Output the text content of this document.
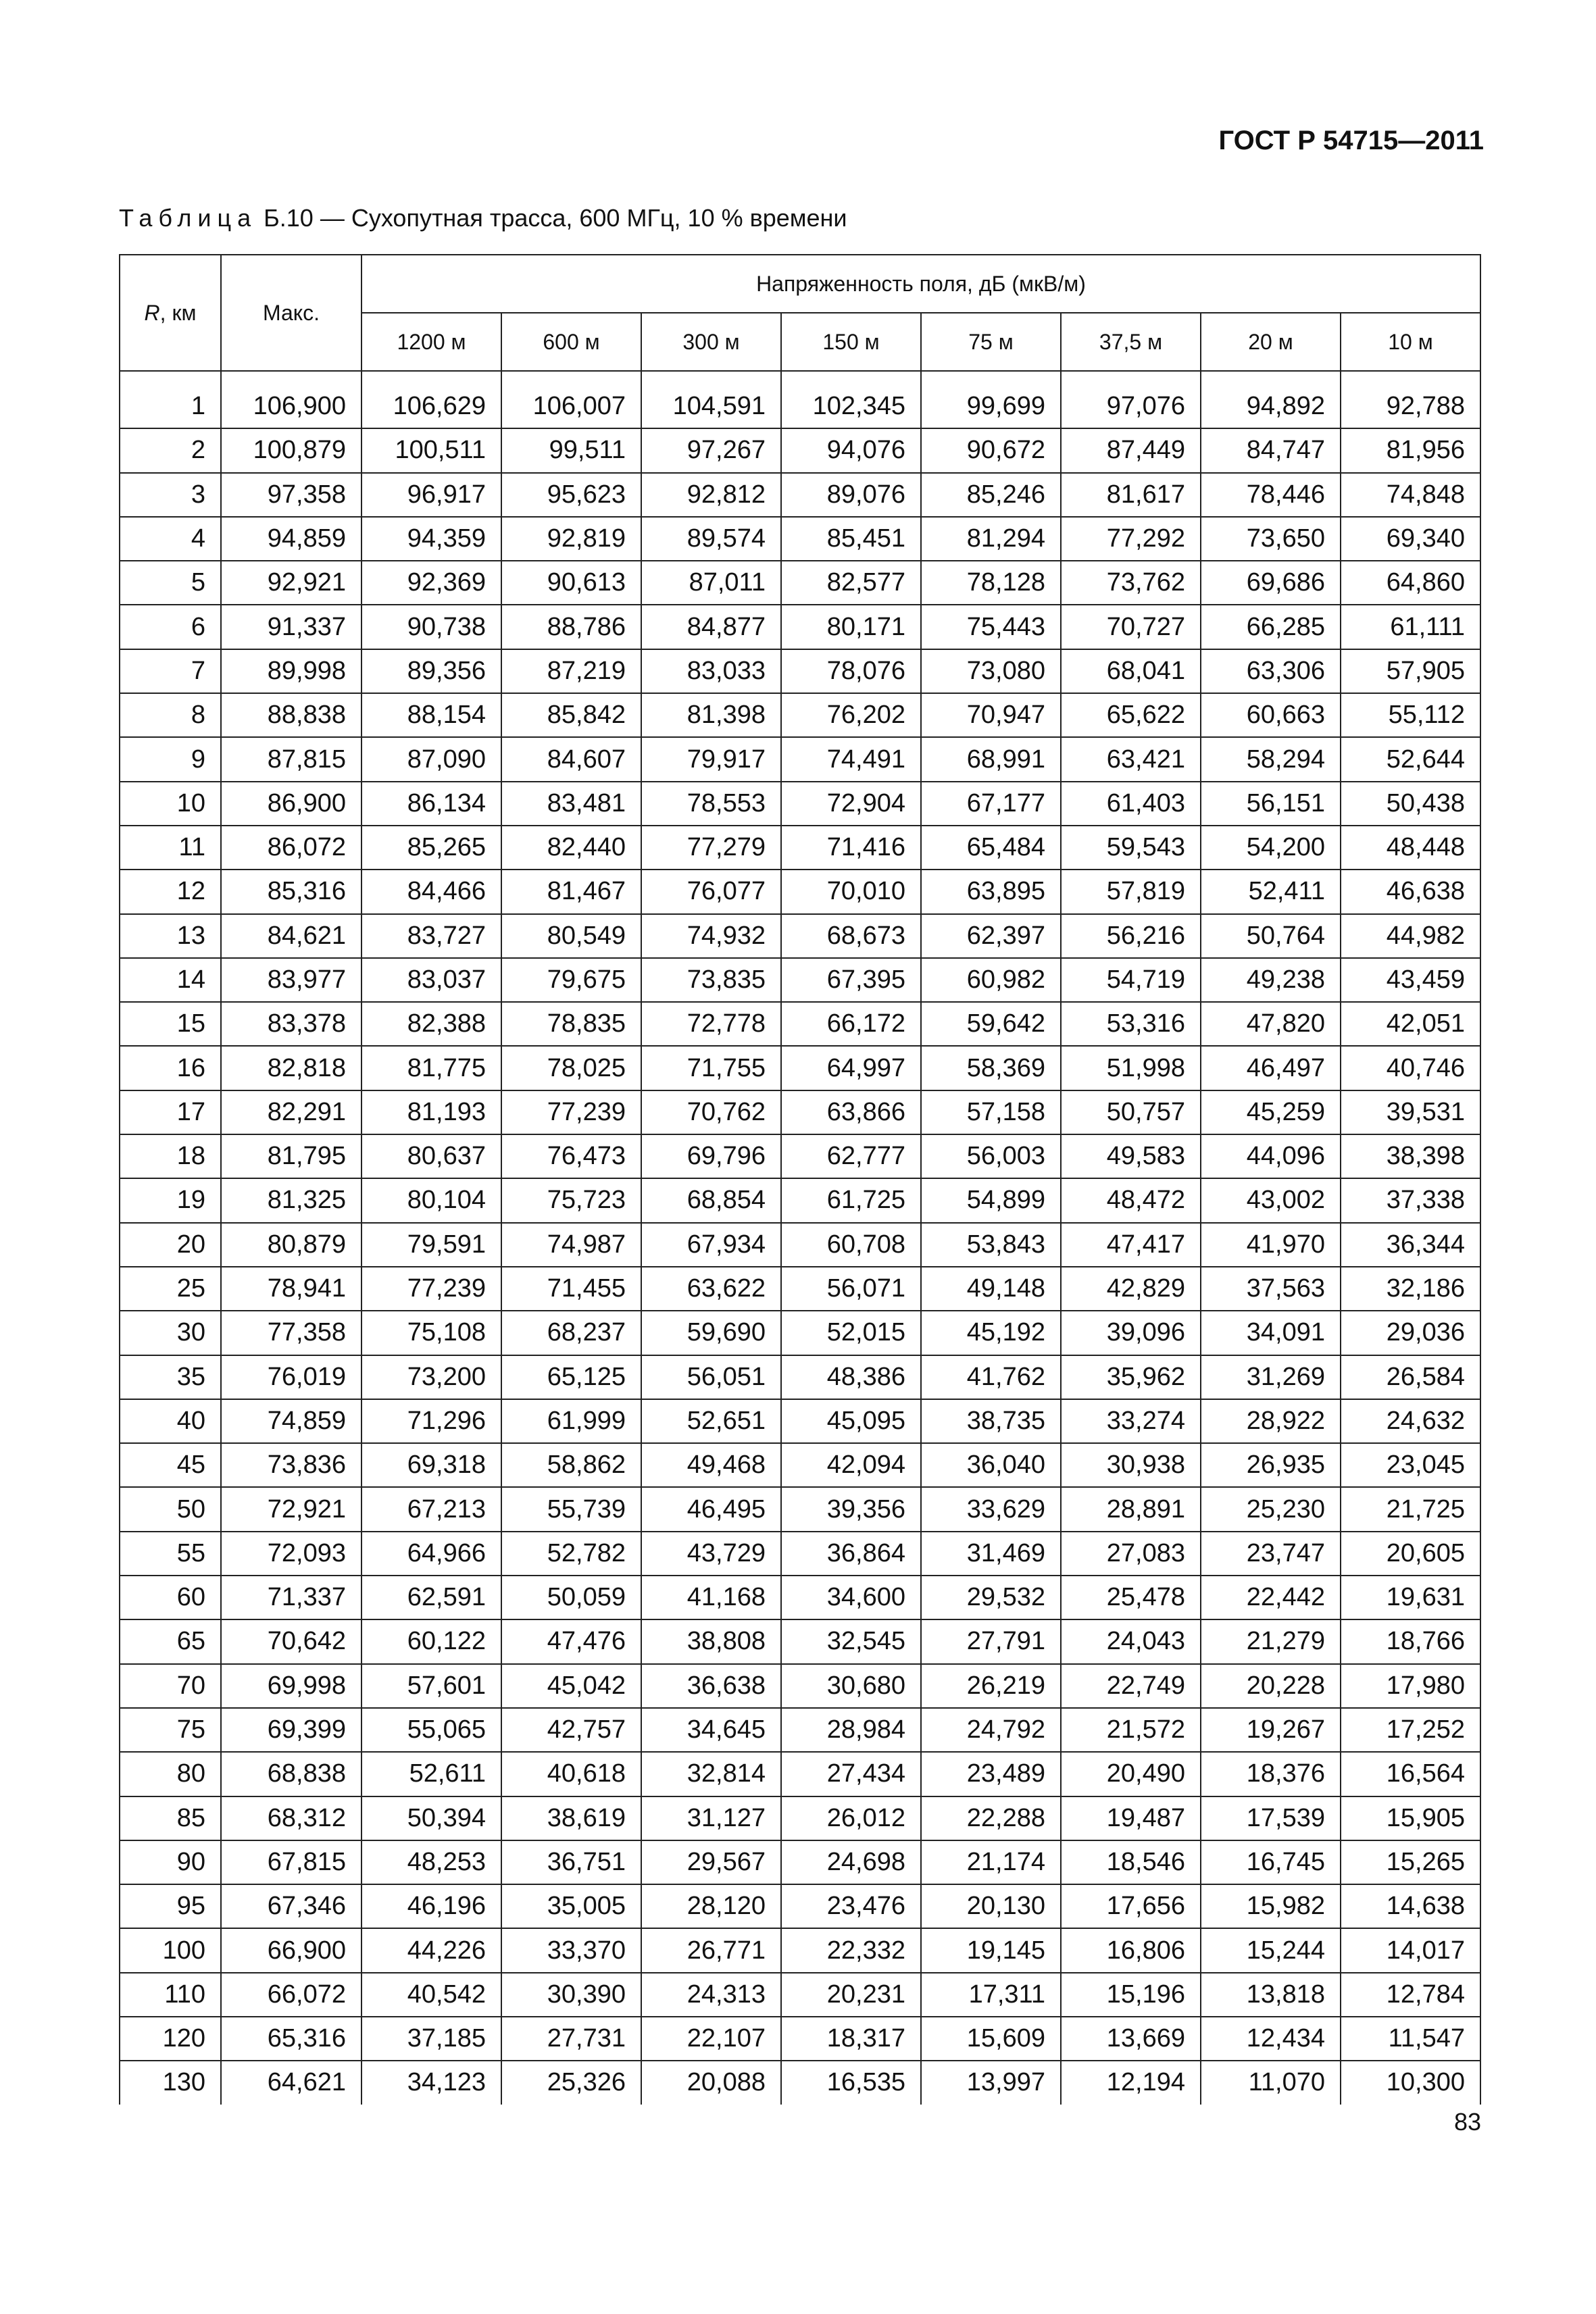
ГОСТ Р 54715—2011
Таблица Б.10 — Сухопутная трасса, 600 МГц, 10 % времени
R, км	Макс.	Напряженность поля, дБ (мкВ/м)							
		1200 м	600 м	300 м	150 м	75 м	37,5 м	20 м	10 м

1	106,900	106,629	106,007	104,591	102,345	99,699	97,076	94,892	92,788
2	100,879	100,511	99,511	97,267	94,076	90,672	87,449	84,747	81,956
3	97,358	96,917	95,623	92,812	89,076	85,246	81,617	78,446	74,848
4	94,859	94,359	92,819	89,574	85,451	81,294	77,292	73,650	69,340
5	92,921	92,369	90,613	87,011	82,577	78,128	73,762	69,686	64,860
6	91,337	90,738	88,786	84,877	80,171	75,443	70,727	66,285	61,111
7	89,998	89,356	87,219	83,033	78,076	73,080	68,041	63,306	57,905
8	88,838	88,154	85,842	81,398	76,202	70,947	65,622	60,663	55,112
9	87,815	87,090	84,607	79,917	74,491	68,991	63,421	58,294	52,644
10	86,900	86,134	83,481	78,553	72,904	67,177	61,403	56,151	50,438
11	86,072	85,265	82,440	77,279	71,416	65,484	59,543	54,200	48,448
12	85,316	84,466	81,467	76,077	70,010	63,895	57,819	52,411	46,638
13	84,621	83,727	80,549	74,932	68,673	62,397	56,216	50,764	44,982
14	83,977	83,037	79,675	73,835	67,395	60,982	54,719	49,238	43,459
15	83,378	82,388	78,835	72,778	66,172	59,642	53,316	47,820	42,051
16	82,818	81,775	78,025	71,755	64,997	58,369	51,998	46,497	40,746
17	82,291	81,193	77,239	70,762	63,866	57,158	50,757	45,259	39,531
18	81,795	80,637	76,473	69,796	62,777	56,003	49,583	44,096	38,398
19	81,325	80,104	75,723	68,854	61,725	54,899	48,472	43,002	37,338
20	80,879	79,591	74,987	67,934	60,708	53,843	47,417	41,970	36,344
25	78,941	77,239	71,455	63,622	56,071	49,148	42,829	37,563	32,186
30	77,358	75,108	68,237	59,690	52,015	45,192	39,096	34,091	29,036
35	76,019	73,200	65,125	56,051	48,386	41,762	35,962	31,269	26,584
40	74,859	71,296	61,999	52,651	45,095	38,735	33,274	28,922	24,632
45	73,836	69,318	58,862	49,468	42,094	36,040	30,938	26,935	23,045
50	72,921	67,213	55,739	46,495	39,356	33,629	28,891	25,230	21,725
55	72,093	64,966	52,782	43,729	36,864	31,469	27,083	23,747	20,605
60	71,337	62,591	50,059	41,168	34,600	29,532	25,478	22,442	19,631
65	70,642	60,122	47,476	38,808	32,545	27,791	24,043	21,279	18,766
70	69,998	57,601	45,042	36,638	30,680	26,219	22,749	20,228	17,980
75	69,399	55,065	42,757	34,645	28,984	24,792	21,572	19,267	17,252
80	68,838	52,611	40,618	32,814	27,434	23,489	20,490	18,376	16,564
85	68,312	50,394	38,619	31,127	26,012	22,288	19,487	17,539	15,905
90	67,815	48,253	36,751	29,567	24,698	21,174	18,546	16,745	15,265
95	67,346	46,196	35,005	28,120	23,476	20,130	17,656	15,982	14,638
100	66,900	44,226	33,370	26,771	22,332	19,145	16,806	15,244	14,017
110	66,072	40,542	30,390	24,313	20,231	17,311	15,196	13,818	12,784
120	65,316	37,185	27,731	22,107	18,317	15,609	13,669	12,434	11,547
130	64,621	34,123	25,326	20,088	16,535	13,997	12,194	11,070	10,300
83
